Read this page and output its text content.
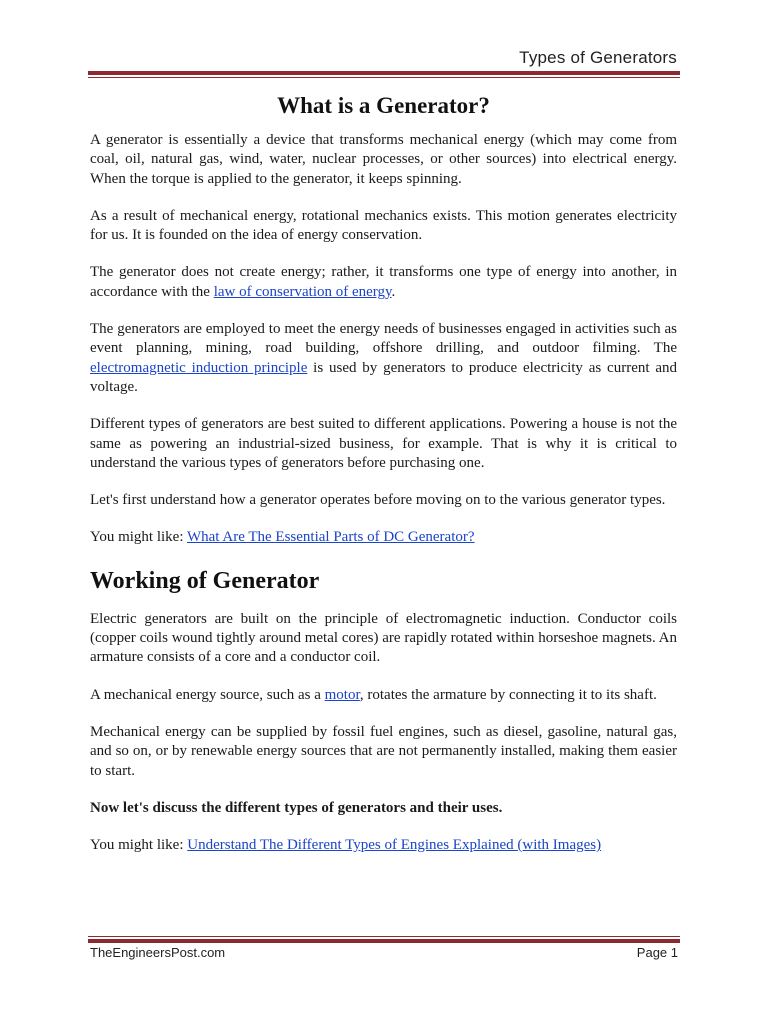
Types of Generators
What is a Generator?

A generator is essentially a device that transforms mechanical energy (which may come from coal, oil, natural gas, wind, water, nuclear processes, or other sources) into electrical energy. When the torque is applied to the generator, it keeps spinning.

As a result of mechanical energy, rotational mechanics exists. This motion generates electricity for us. It is founded on the idea of energy conservation.

The generator does not create energy; rather, it transforms one type of energy into another, in accordance with the law of conservation of energy.

The generators are employed to meet the energy needs of businesses engaged in activities such as event planning, mining, road building, offshore drilling, and outdoor filming. The electromagnetic induction principle is used by generators to produce electricity as current and voltage.

Different types of generators are best suited to different applications. Powering a house is not the same as powering an industrial-sized business, for example. That is why it is critical to understand the various types of generators before purchasing one.

Let's first understand how a generator operates before moving on to the various generator types.

You might like: What Are The Essential Parts of DC Generator?

Working of Generator

Electric generators are built on the principle of electromagnetic induction. Conductor coils (copper coils wound tightly around metal cores) are rapidly rotated within horseshoe magnets. An armature consists of a core and a conductor coil.

A mechanical energy source, such as a motor, rotates the armature by connecting it to its shaft.

Mechanical energy can be supplied by fossil fuel engines, such as diesel, gasoline, natural gas, and so on, or by renewable energy sources that are not permanently installed, making them easier to start.

Now let's discuss the different types of generators and their uses.

You might like: Understand The Different Types of Engines Explained (with Images)

TheEngineersPost.com	Page 1
